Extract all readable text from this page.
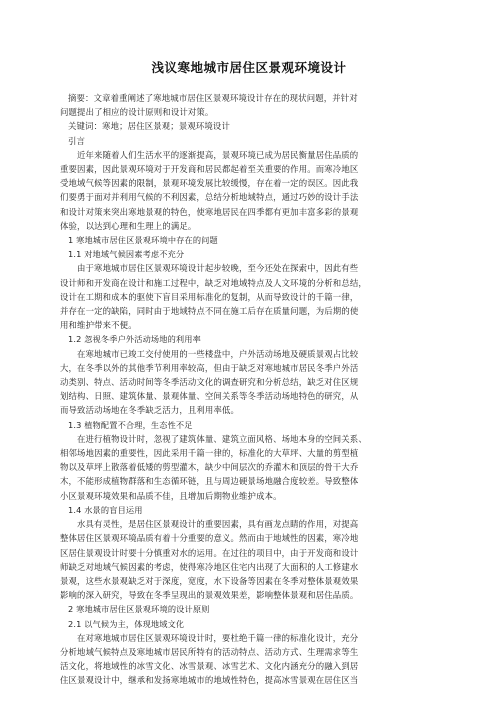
浅议寒地城市居住区景观环境设计

摘要：文章着重阐述了寒地城市居住区景观环境设计存在的现状问题，并针对

问题提出了相应的设计原则和设计对策。

关键词：寒地；居住区景观；景观环境设计

引言

近年来随着人们生活水平的逐渐提高，景观环境已成为居民衡量居住品质的

重要因素，因此景观环境对于开发商和居民都起着至关重要的作用。而寒冷地区

受地域气候等因素的限制，景观环境发展比较缓慢，存在着一定的误区。因此我

们要勇于面对并利用气候的不利因素，总结分析地域特点，通过巧妙的设计手法

和设计对策来突出寒地景观的特色，使寒地居民在四季都有更加丰富多彩的景观

体验，以达到心理和生理上的满足。

1 寒地城市居住区景观环境中存在的问题

1.1 对地域气候因素考虑不充分

由于寒地城市居住区景观环境设计起步较晚，至今还处在探索中，因此有些

设计师和开发商在设计和施工过程中，缺乏对地域特点及人文环境的分析和总结，

设计在工期和成本的驱使下盲目采用标准化的复制，从而导致设计的千篇一律，

并存在一定的缺陷，同时由于地域特点不同在施工后存在质量问题，为后期的使

用和维护带来不便。

1.2 忽视冬季户外活动场地的利用率

在寒地城市已竣工交付使用的一些楼盘中，户外活动场地及硬质景观占比较

大，在冬季以外的其他季节利用率较高，但由于缺乏对寒地城市居民冬季户外活

动类别、特点、活动时间等冬季活动文化的调查研究和分析总结，缺乏对住区规

划结构、日照、建筑体量、景观体量、空间关系等冬季活动场地特色的研究，从

而导致活动场地在冬季缺乏活力，且利用率低。

1.3 植物配置不合理，生态性不足

在进行植物设计时，忽视了建筑体量、建筑立面风格、场地本身的空间关系、

相邻场地因素的重要性，因此采用千篇一律的，标准化的大草坪、大量的剪型植

物以及草坪上散落着低矮的剪型灌木，缺少中间层次的乔灌木和顶层的骨干大乔

木，不能形成植物群落和生态循环链，且与周边硬景场地融合度较差。导致整体

小区景观环境效果和品质不佳，且增加后期物业维护成本。

1.4 水景的盲目运用

水具有灵性，是居住区景观设计的重要因素，具有画龙点睛的作用，对提高

整体居住区景观环境品质有着十分重要的意义。然而由于地域性的因素，寒冷地

区居住景观设计时要十分慎重对水的运用。在过往的项目中，由于开发商和设计

师缺乏对地域气候因素的考虑，使得寒冷地区住宅内出现了大面积的人工修建水

景观，这些水景观缺乏对于深度，宽度，水下设备等因素在冬季对整体景观效果

影响的深入研究，导致在冬季呈现出的景观效果差，影响整体景观和居住品质。

2 寒地城市居住区景观环境的设计原则

2.1 以气候为主，体现地域文化

在对寒地城市居住区景观环境设计时，要杜绝千篇一律的标准化设计，充分

分析地域气候特点及寒地城市居民所特有的活动特点、活动方式、生理需求等生

活文化，将地域性的冰雪文化、冰雪景观、冰雪艺术、文化内涵充分的融入到居

住区景观设计中，继承和发扬寒地城市的地域性特色，提高冰雪景观在居住区当
